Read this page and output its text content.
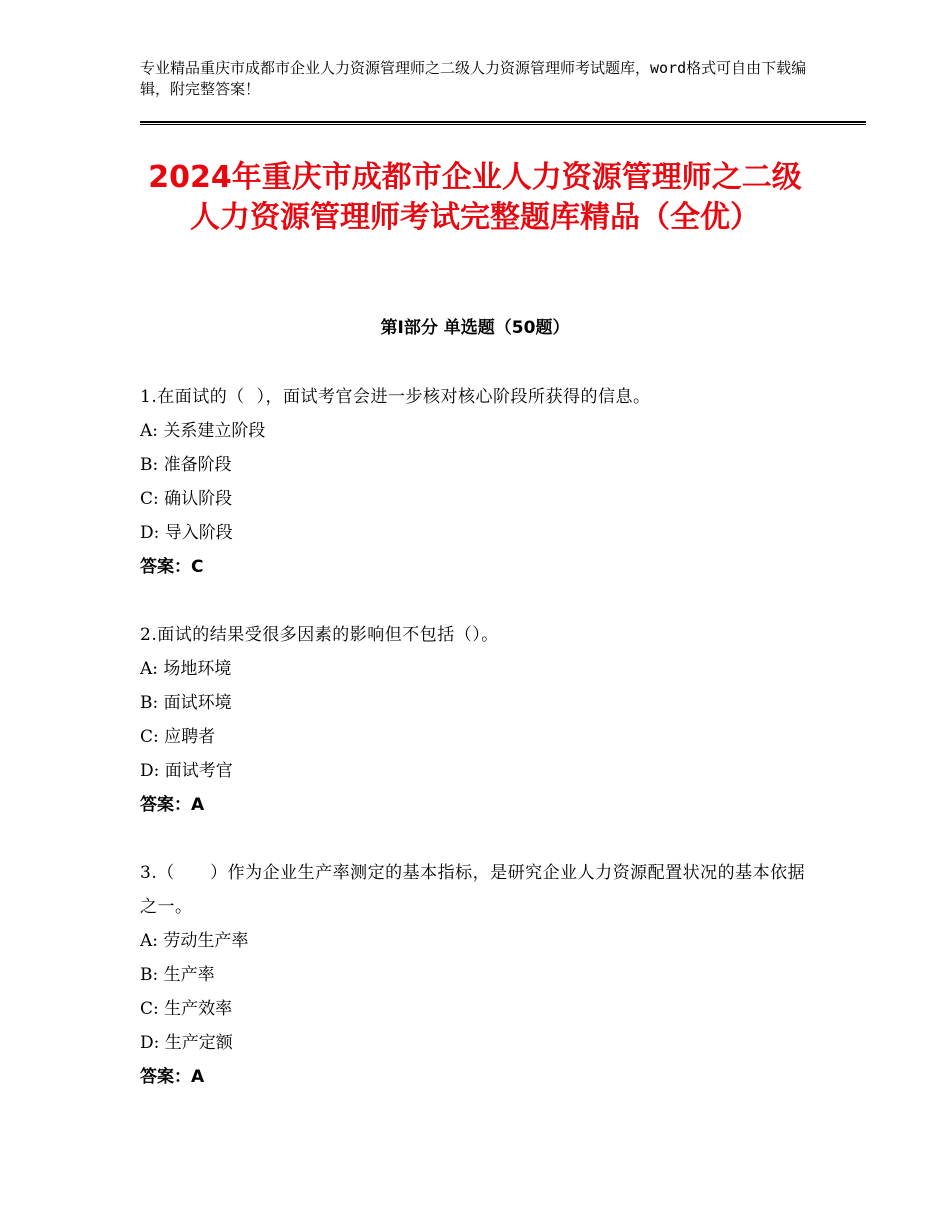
专业精品重庆市成都市企业人力资源管理师之二级人力资源管理师考试题库，word格式可自由下载编辑，附完整答案！
2024年重庆市成都市企业人力资源管理师之二级人力资源管理师考试完整题库精品（全优）
第Ⅰ部分 单选题（50题）
1.在面试的（  ），面试考官会进一步核对核心阶段所获得的信息。
A: 关系建立阶段
B: 准备阶段
C: 确认阶段
D: 导入阶段
答案：C
2.面试的结果受很多因素的影响但不包括（）。
A: 场地环境
B: 面试环境
C: 应聘者
D: 面试考官
答案：A
3.（      ）作为企业生产率测定的基本指标，是研究企业人力资源配置状况的基本依据之一。
A: 劳动生产率
B: 生产率
C: 生产效率
D: 生产定额
答案：A
